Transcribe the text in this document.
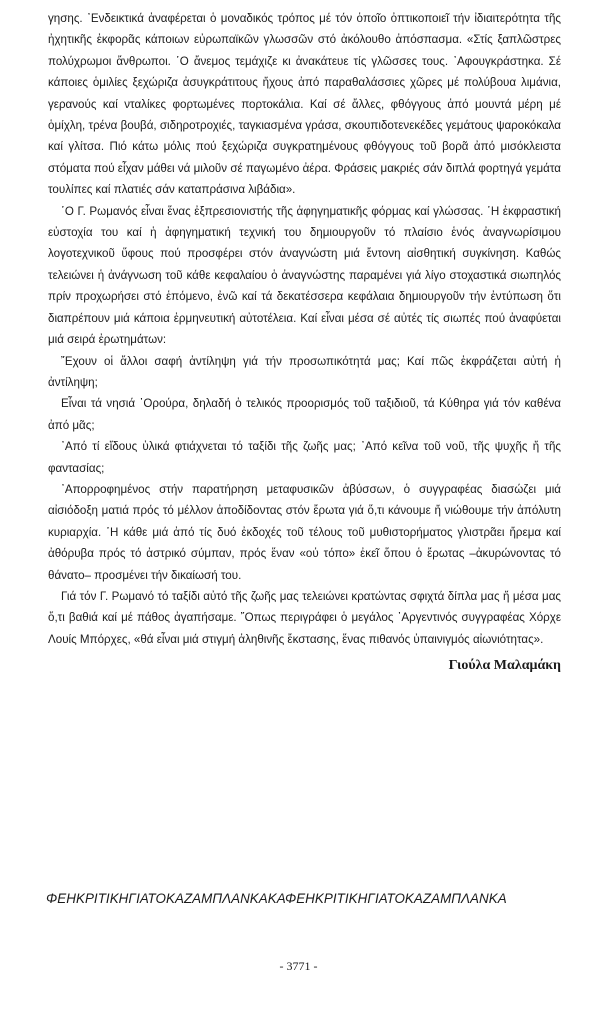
γησης. ᾿Ενδεικτικά ἀναφέρεται ὁ μοναδικός τρόπος μέ τόν ὁποῖο ὀπτικοποιεῖ τήν ἰδιαιτερότητα τῆς ἠχητικῆς ἐκφορᾶς κάποιων εὐρωπαϊκῶν γλωσσῶν στό ἀκόλουθο ἀπόσπασμα. «Στίς ξαπλῶστρες πολύχρωμοι ἄνθρωποι. ῾Ο ἄνεμος τεμάχιζε κι ἀνακάτευε τίς γλῶσσες τους. ᾿Αφουγκράστηκα. Σέ κάποιες ὁμιλίες ξεχώριζα ἀσυγκράτιτους ἤχους ἀπό παραθαλάσσιες χῶρες μέ πολύβουα λιμάνια, γερανούς καί νταλίκες φορτωμένες πορτοκάλια. Καί σέ ἄλλες, φθόγγους ἀπό μουντά μέρη μέ ὁμίχλη, τρένα βουβά, σιδηροτροχιές, ταγκιασμένα γράσα, σκουπιδοτενεκέδες γεμάτους ψαροκόκαλα καί γλίτσα. Πιό κάτω μόλις πού ξεχώριζα συγκρατημένους φθόγγους τοῦ βορᾶ ἀπό μισόκλειστα στόματα πού εἶχαν μάθει νά μιλοῦν σέ παγωμένο ἀέρα. Φράσεις μακριές σάν διπλά φορτηγά γεμάτα τουλίπες καί πλατιές σάν καταπράσινα λιβάδια».

῾Ο Γ. Ρωμανός εἶναι ἕνας ἐξπρεσιονιστής τῆς ἀφηγηματικῆς φόρμας καί γλώσσας. ῾Η ἐκφραστική εὐστοχία του καί ἡ ἀφηγηματική τεχνική του δημιουργοῦν τό πλαίσιο ἑνός ἀναγνωρίσιμου λογοτεχνικοῦ ὕφους πού προσφέρει στόν ἀναγνώστη μιά ἔντονη αἰσθητική συγκίνηση. Καθώς τελειώνει ἡ ἀνάγνωση τοῦ κάθε κεφαλαίου ὁ ἀναγνώστης παραμένει γιά λίγο στοχαστικά σιωπηλός πρίν προχωρήσει στό ἑπόμενο, ἐνῶ καί τά δεκατέσσερα κεφάλαια δημιουργοῦν τήν ἐντύπωση ὅτι διαπρέπουν μιά κάποια ἑρμηνευτική αὐτοτέλεια. Καί εἶναι μέσα σέ αὐτές τίς σιωπές πού ἀναφύεται μιά σειρά ἐρωτημάτων:

῎Εχουν οἱ ἄλλοι σαφή ἀντίληψη γιά τήν προσωπικότητά μας; Καί πῶς ἐκφράζεται αὐτή ἡ ἀντίληψη;

Εἶναι τά νησιά ᾿Ορούρα, δηλαδή ὁ τελικός προορισμός τοῦ ταξιδιοῦ, τά Κύθηρα γιά τόν καθένα ἀπό μᾶς;

᾿Από τί εἴδους ὑλικά φτιάχνεται τό ταξίδι τῆς ζωῆς μας; ᾿Από κεῖνα τοῦ νοῦ, τῆς ψυχῆς ἤ τῆς φαντασίας;

᾿Απορροφημένος στήν παρατήρηση μεταφυσικῶν ἀβύσσων, ὁ συγγραφέας διασώζει μιά αἰσιόδοξη ματιά πρός τό μέλλον ἀποδίδοντας στόν ἔρωτα γιά ὅ,τι κάνουμε ἤ νιώθουμε τήν ἀπόλυτη κυριαρχία. ῾Η κάθε μιά ἀπό τίς δυό ἐκδοχές τοῦ τέλους τοῦ μυθιστορήματος γλιστρᾶει ἤρεμα καί ἀθόρυβα πρός τό ἀστρικό σύμπαν, πρός ἕναν «οὐ τόπο» ἐκεῖ ὅπου ὁ ἔρωτας –ἀκυρώνοντας τό θάνατο– προσμένει τήν δικαίωσή του.

Γιά τόν Γ. Ρωμανό τό ταξίδι αὐτό τῆς ζωῆς μας τελειώνει κρατώντας σφιχτά δίπλα μας ἤ μέσα μας ὅ,τι βαθιά καί μέ πάθος ἀγαπήσαμε. ῞Οπως περιγράφει ὁ μεγάλος ᾿Αργεντινός συγγραφέας Χόρχε Λουίς Μπόρχες, «θά εἶναι μιά στιγμή ἀληθινῆς ἔκστασης, ἕνας πιθανός ὑπαινιγμός αἰωνιότητας».

Γιούλα Μαλαμάκη

ΦΕΗΚΡΙΤΙΚΗΓΙΑΤΟΚΑΖΑΜΠΛΑΝΚΑΚΑΦΕΗΚΡΙΤΙΚΗΓΙΑΤΟΚΑΖΑΜΠΛΑΝΚΑ
- 3771 -
